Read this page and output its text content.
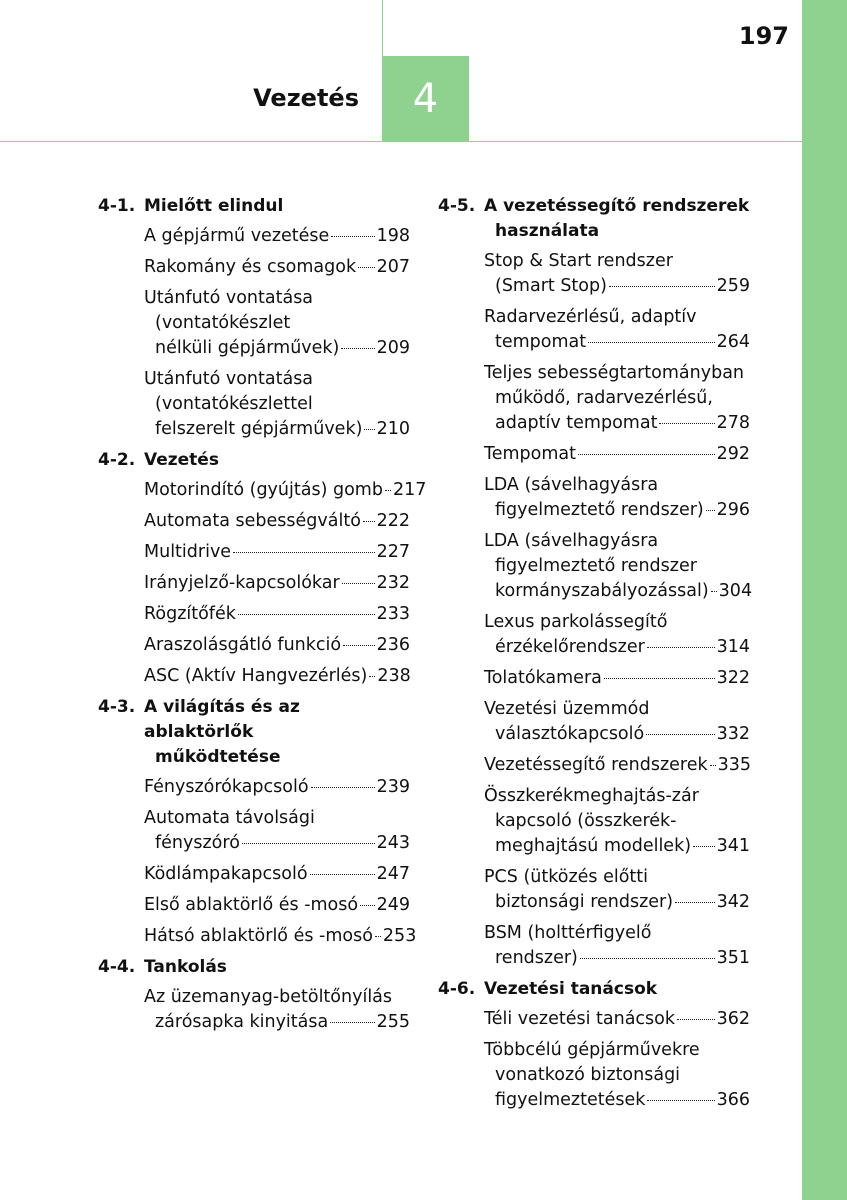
Vezetés 4
197
4-1. Mielőtt elindul
A gépjármű vezetése	198
Rakomány és csomagok 207
Utánfutó vontatása
(vontatókészlet
nélküli gépjárművek) 209
Utánfutó vontatása
(vontatókészlettel
felszerelt gépjárművek) 210
4-2. Vezetés
Motorindító (gyújtás) gomb 217
Automata sebességváltó 222
Multidrive	227
Irányjelző-kapcsolókar 232
Rögzítőfék	233
Araszolásgátló funkció 236
ASC (Aktív Hangvezérlés) 238
4-3. A világítás és az ablaktörlők
működtetése
Fényszórókapcsoló	239
Automata távolsági
fényszóró	243
Ködlámpakapcsoló	247
Első ablaktörlő és -mosó 249
Hátsó ablaktörlő és -mosó 253
4-4. Tankolás
Az üzemanyag-betöltőnyílás
zárósapka kinyitása	255
4-5. A vezetéssegítő rendszerek
használata
Stop & Start rendszer
(Smart Stop)	259
Radarvezérlésű, adaptív
tempomat	264
Teljes sebességtartományban
működő, radarvezérlésű,
adaptív tempomat	278
Tempomat	292
LDA (sávelhagyásra
figyelmeztető rendszer) 296
LDA (sávelhagyásra
figyelmeztető rendszer
kormányszabályozással) 304
Lexus parkolássegítő
érzékelőrendszer	314
Tolatókamera	322
Vezetési üzemmód
választókapcsoló	332
Vezetéssegítő rendszerek 335
Összkerékmeghajtás-zár
kapcsoló (összkerék-
meghajtású modellek) 341
PCS (ütközés előtti
biztonsági rendszer) 342
BSM (holttérfigyelő
rendszer)	351
4-6. Vezetési tanácsok
Téli vezetési tanácsok 362
Többcélú gépjárművekre
vonatkozó biztonsági
figyelmeztetések	366
